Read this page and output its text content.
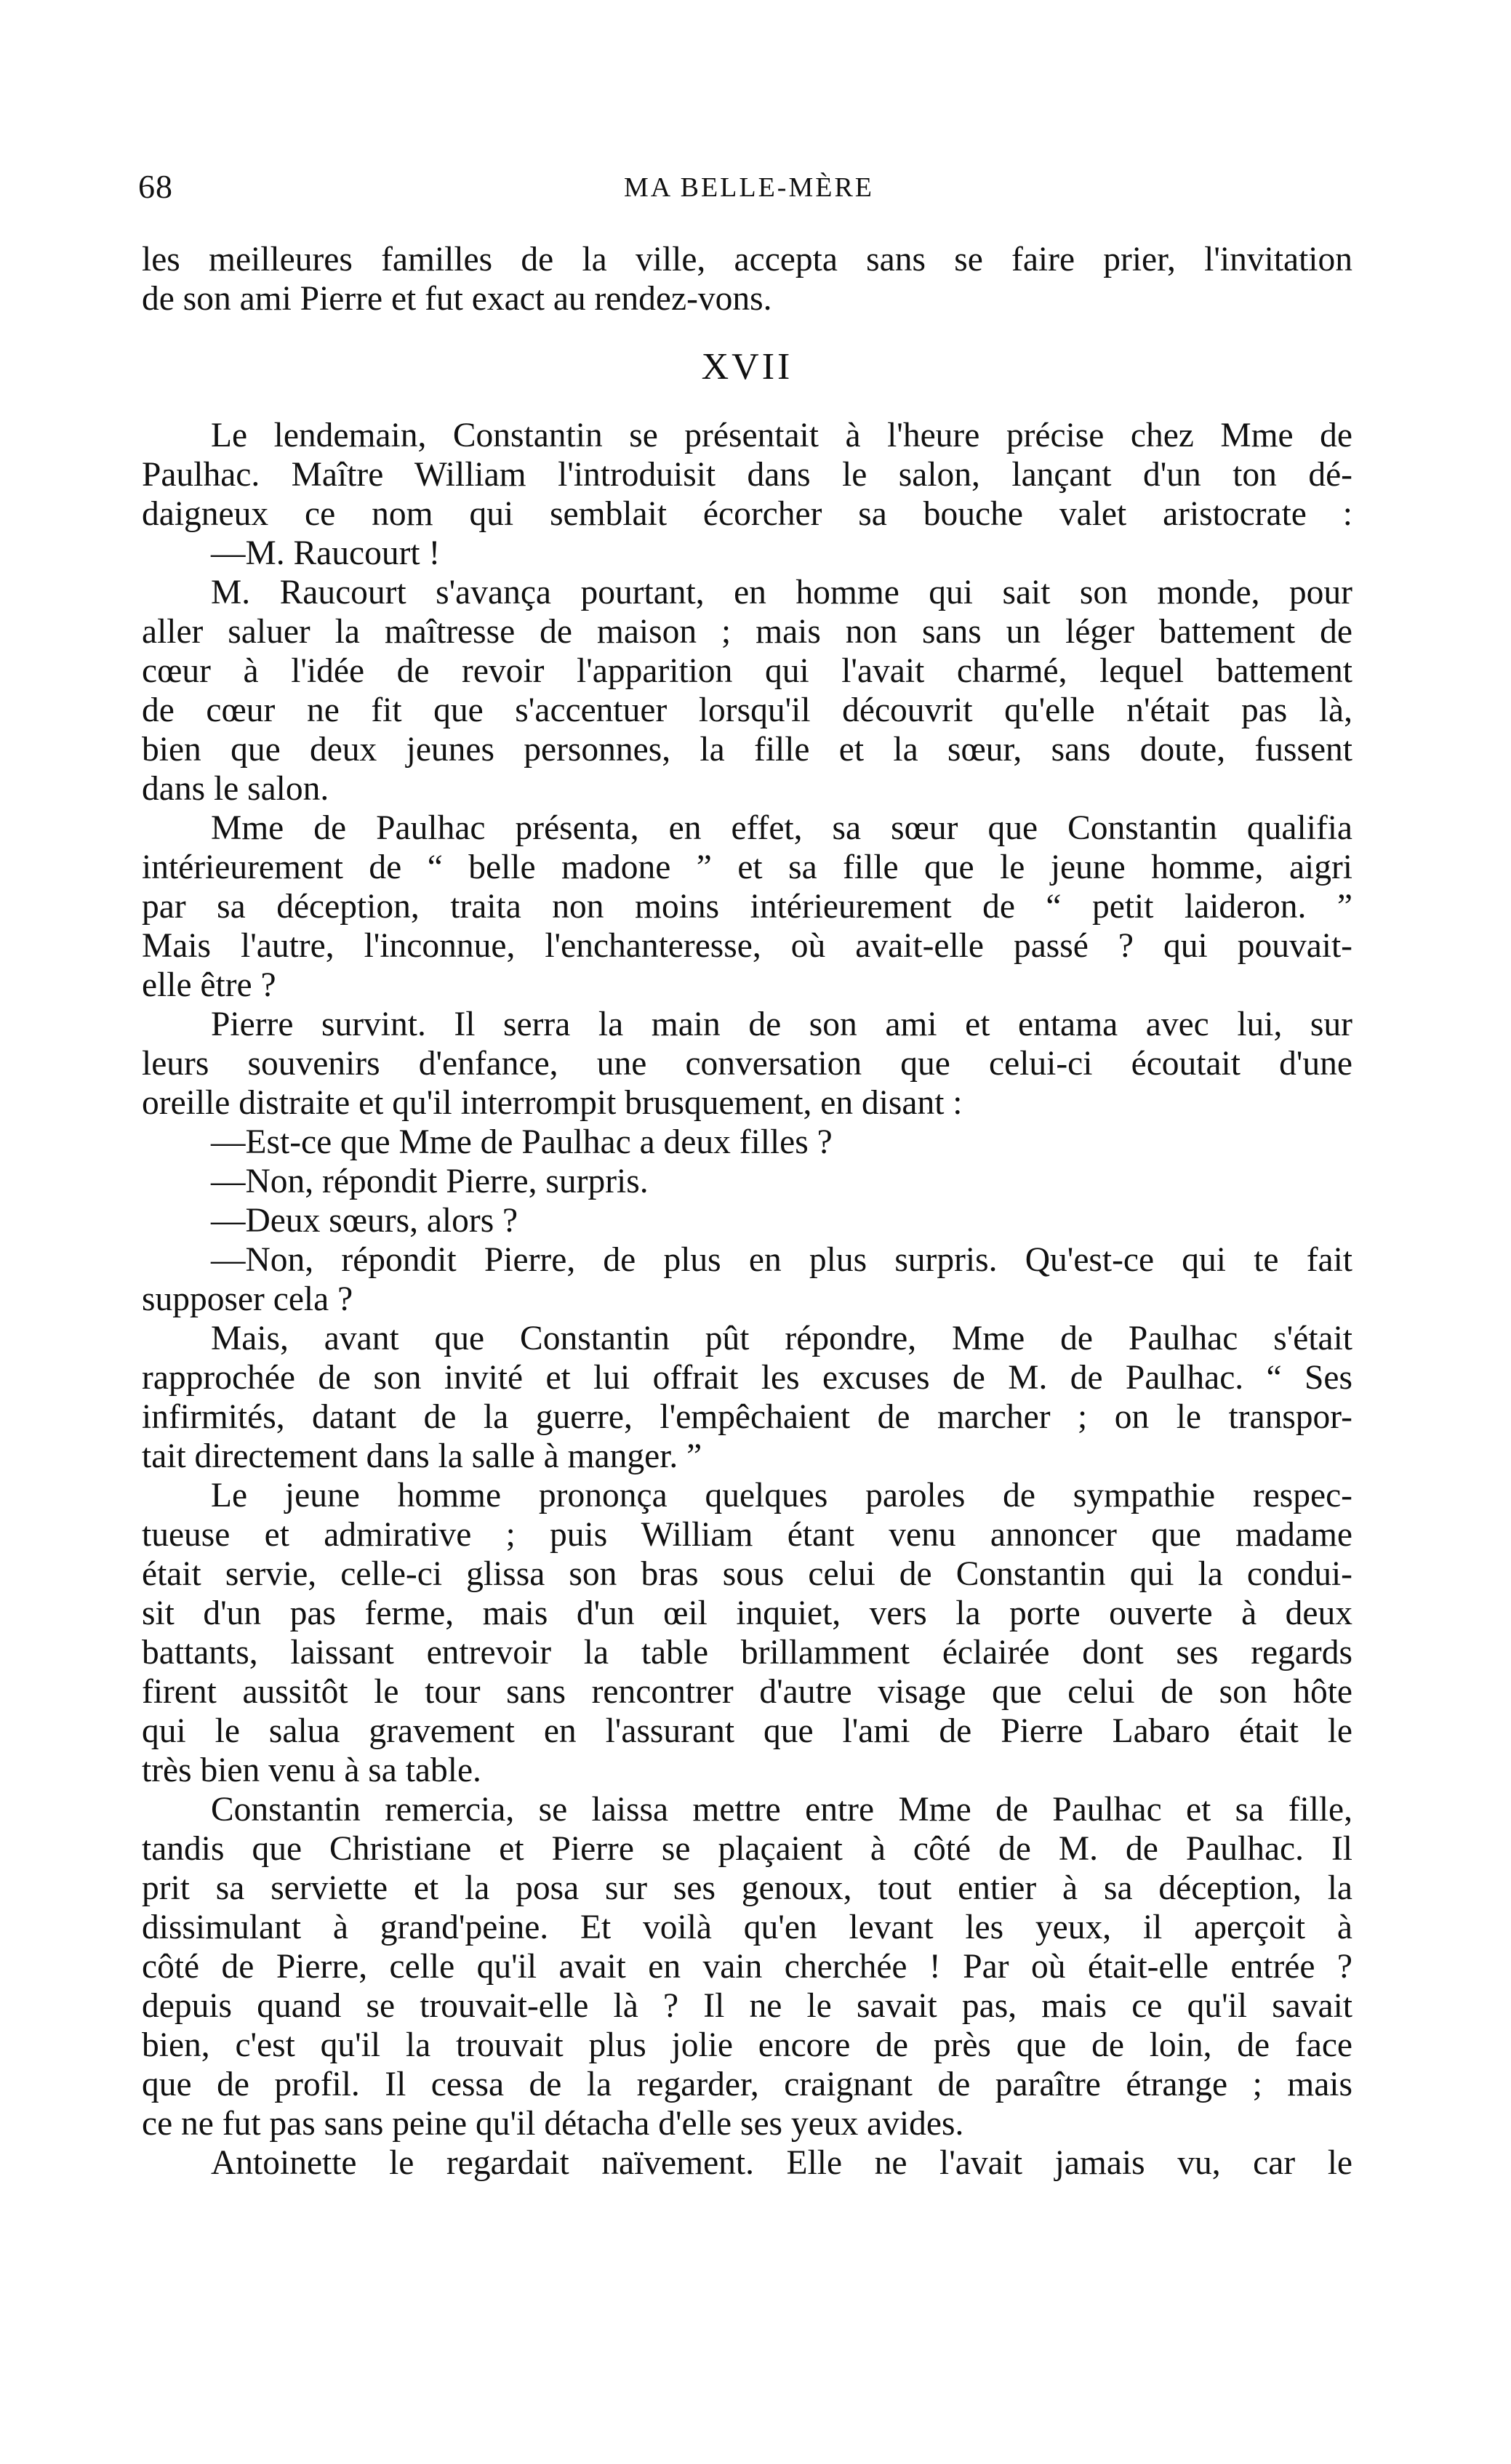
68	MA BELLE-MÈRE
les meilleures familles de la ville, accepta sans se faire prier, l'invitation
de son ami Pierre et fut exact au rendez-vons.
XVII
Le lendemain, Constantin se présentait à l'heure précise chez Mme de
Paulhac. Maître William l'introduisit dans le salon, lançant d'un ton dé-
daigneux ce nom qui semblait écorcher sa bouche valet aristocrate :
—M. Raucourt !
M. Raucourt s'avança pourtant, en homme qui sait son monde, pour
aller saluer la maîtresse de maison ; mais non sans un léger battement de
cœur à l'idée de revoir l'apparition qui l'avait charmé, lequel battement
de cœur ne fit que s'accentuer lorsqu'il découvrit qu'elle n'était pas là,
bien que deux jeunes personnes, la fille et la sœur, sans doute, fussent
dans le salon.
Mme de Paulhac présenta, en effet, sa sœur que Constantin qualifia
intérieurement de “ belle madone ” et sa fille que le jeune homme, aigri
par sa déception, traita non moins intérieurement de “ petit laideron. ”
Mais l'autre, l'inconnue, l'enchanteresse, où avait-elle passé ? qui pouvait-
elle être ?
Pierre survint. Il serra la main de son ami et entama avec lui, sur
leurs souvenirs d'enfance, une conversation que celui-ci écoutait d'une
oreille distraite et qu'il interrompit brusquement, en disant :
—Est-ce que Mme de Paulhac a deux filles ?
—Non, répondit Pierre, surpris.
—Deux sœurs, alors ?
—Non, répondit Pierre, de plus en plus surpris. Qu'est-ce qui te fait
supposer cela ?
Mais, avant que Constantin pût répondre, Mme de Paulhac s'était
rapprochée de son invité et lui offrait les excuses de M. de Paulhac. “ Ses
infirmités, datant de la guerre, l'empêchaient de marcher ; on le transpor-
tait directement dans la salle à manger. ”
Le jeune homme prononça quelques paroles de sympathie respec-
tueuse et admirative ; puis William étant venu annoncer que madame
était servie, celle-ci glissa son bras sous celui de Constantin qui la condui-
sit d'un pas ferme, mais d'un œil inquiet, vers la porte ouverte à deux
battants, laissant entrevoir la table brillamment éclairée dont ses regards
firent aussitôt le tour sans rencontrer d'autre visage que celui de son hôte
qui le salua gravement en l'assurant que l'ami de Pierre Labaro était le
très bien venu à sa table.
Constantin remercia, se laissa mettre entre Mme de Paulhac et sa fille,
tandis que Christiane et Pierre se plaçaient à côté de M. de Paulhac. Il
prit sa serviette et la posa sur ses genoux, tout entier à sa déception, la
dissimulant à grand'peine. Et voilà qu'en levant les yeux, il aperçoit à
côté de Pierre, celle qu'il avait en vain cherchée ! Par où était-elle entrée ?
depuis quand se trouvait-elle là ? Il ne le savait pas, mais ce qu'il savait
bien, c'est qu'il la trouvait plus jolie encore de près que de loin, de face
que de profil. Il cessa de la regarder, craignant de paraître étrange ; mais
ce ne fut pas sans peine qu'il détacha d'elle ses yeux avides.
Antoinette le regardait naïvement. Elle ne l'avait jamais vu, car le
